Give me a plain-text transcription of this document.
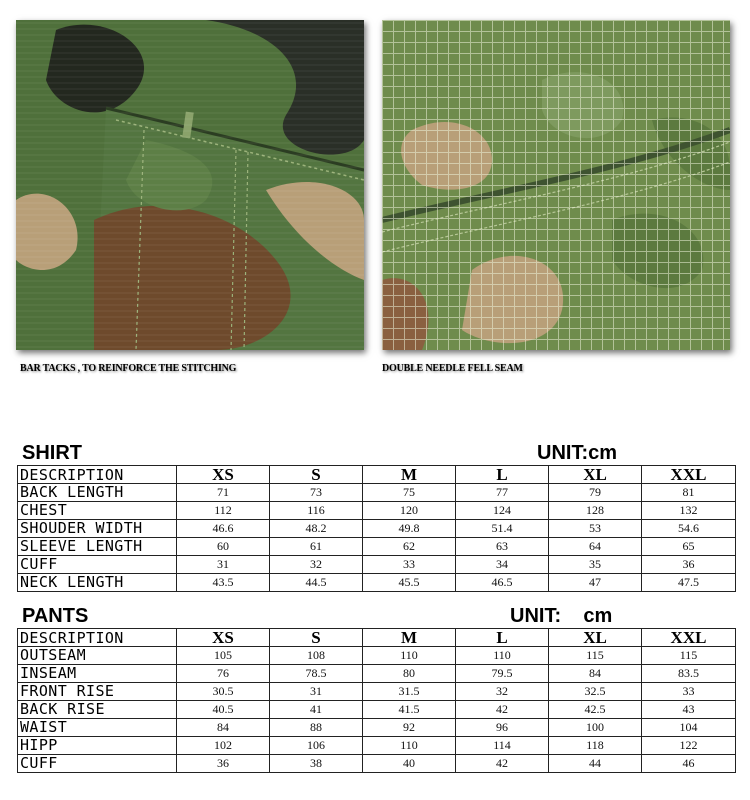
BAR TACKS , TO REINFORCE THE STITCHING	DOUBLE NEEDLE FELL SEAM
SHIRT	UNIT:cm
DESCRIPTION	XS	S	M	L	XL	XXL
BACK LENGTH	71	73	75	77	79	81
CHEST	112	116	120	124	128	132
SHOUDER WIDTH	46.6	48.2	49.8	51.4	53	54.6
SLEEVE LENGTH	60	61	62	63	64	65
CUFF	31	32	33	34	35	36
NECK LENGTH	43.5	44.5	45.5	46.5	47	47.5
PANTS	UNIT:    cm
DESCRIPTION	XS	S	M	L	XL	XXL
OUTSEAM	105	108	110	110	115	115
INSEAM	76	78.5	80	79.5	84	83.5
FRONT RISE	30.5	31	31.5	32	32.5	33
BACK RISE	40.5	41	41.5	42	42.5	43
WAIST	84	88	92	96	100	104
HIPP	102	106	110	114	118	122
CUFF	36	38	40	42	44	46
